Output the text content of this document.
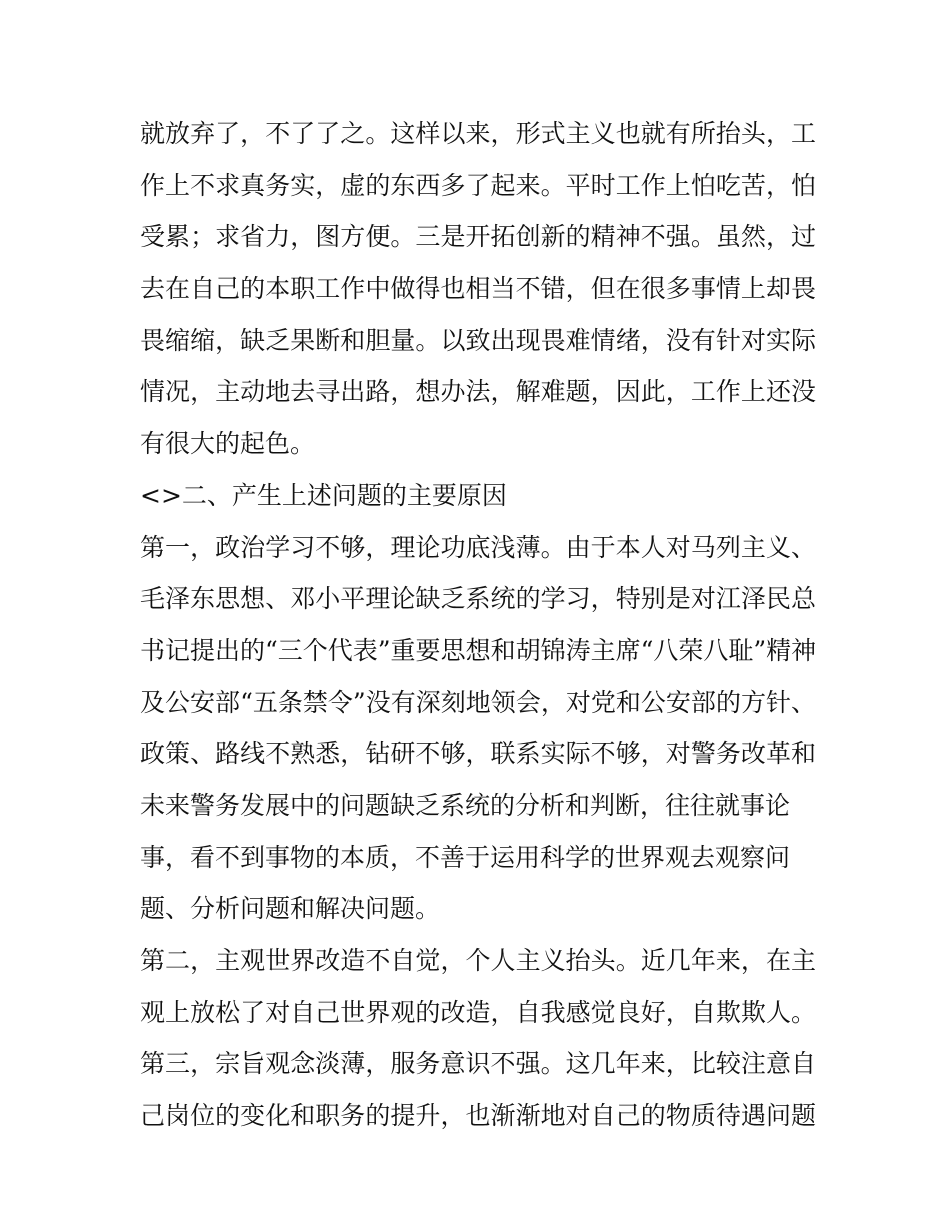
就放弃了，不了了之。这样以来，形式主义也就有所抬头，工
作上不求真务实，虚的东西多了起来。平时工作上怕吃苦，怕
受累；求省力，图方便。三是开拓创新的精神不强。虽然，过
去在自己的本职工作中做得也相当不错，但在很多事情上却畏
畏缩缩，缺乏果断和胆量。以致出现畏难情绪，没有针对实际
情况，主动地去寻出路，想办法，解难题，因此，工作上还没
有很大的起色。
<>二、产生上述问题的主要原因
第一，政治学习不够，理论功底浅薄。由于本人对马列主义、
毛泽东思想、邓小平理论缺乏系统的学习，特别是对江泽民总
书记提出的“三个代表”重要思想和胡锦涛主席“八荣八耻”精神
及公安部“五条禁令”没有深刻地领会，对党和公安部的方针、
政策、路线不熟悉，钻研不够，联系实际不够，对警务改革和
未来警务发展中的问题缺乏系统的分析和判断，往往就事论
事，看不到事物的本质，不善于运用科学的世界观去观察问
题、分析问题和解决问题。
第二，主观世界改造不自觉，个人主义抬头。近几年来，在主
观上放松了对自己世界观的改造，自我感觉良好，自欺欺人。
第三，宗旨观念淡薄，服务意识不强。这几年来，比较注意自
己岗位的变化和职务的提升，也渐渐地对自己的物质待遇问题
